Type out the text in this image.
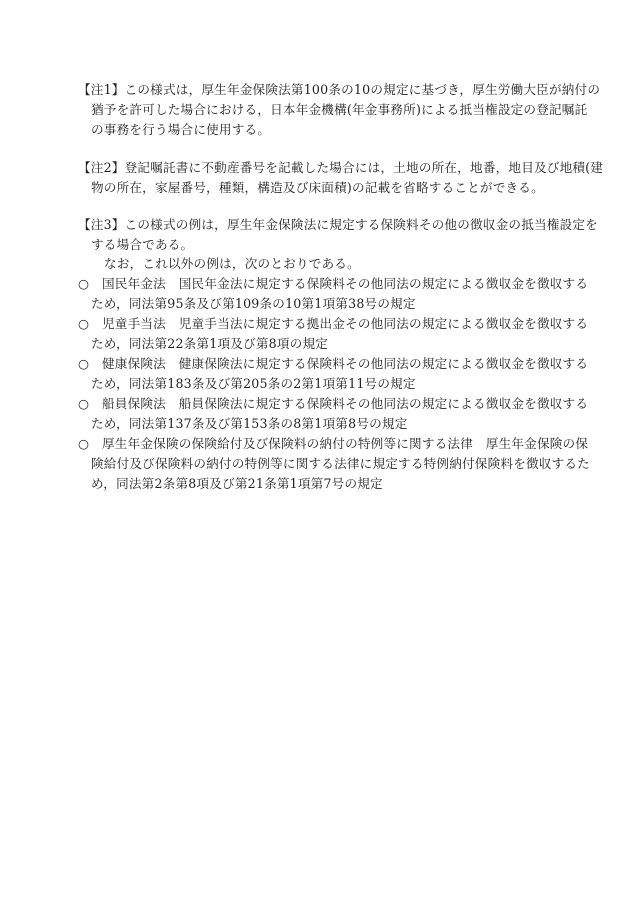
【注1】この様式は，厚生年金保険法第100条の10の規定に基づき，厚生労働大臣が納付の
猶予を許可した場合における，日本年金機構(年金事務所)による抵当権設定の登記嘱託
の事務を行う場合に使用する。
【注2】登記嘱託書に不動産番号を記載した場合には，土地の所在，地番，地目及び地積(建
物の所在，家屋番号，種類，構造及び床面積)の記載を省略することができる。
【注3】この様式の例は，厚生年金保険法に規定する保険料その他の徴収金の抵当権設定を
する場合である。
なお，これ以外の例は，次のとおりである。
○　国民年金法　国民年金法に規定する保険料その他同法の規定による徴収金を徴収する
ため，同法第95条及び第109条の10第1項第38号の規定
○　児童手当法　児童手当法に規定する拠出金その他同法の規定による徴収金を徴収する
ため，同法第22条第1項及び第8項の規定
○　健康保険法　健康保険法に規定する保険料その他同法の規定による徴収金を徴収する
ため，同法第183条及び第205条の2第1項第11号の規定
○　船員保険法　船員保険法に規定する保険料その他同法の規定による徴収金を徴収する
ため，同法第137条及び第153条の8第1項第8号の規定
○　厚生年金保険の保険給付及び保険料の納付の特例等に関する法律　厚生年金保険の保
険給付及び保険料の納付の特例等に関する法律に規定する特例納付保険料を徴収するた
め，同法第2条第8項及び第21条第1項第7号の規定
